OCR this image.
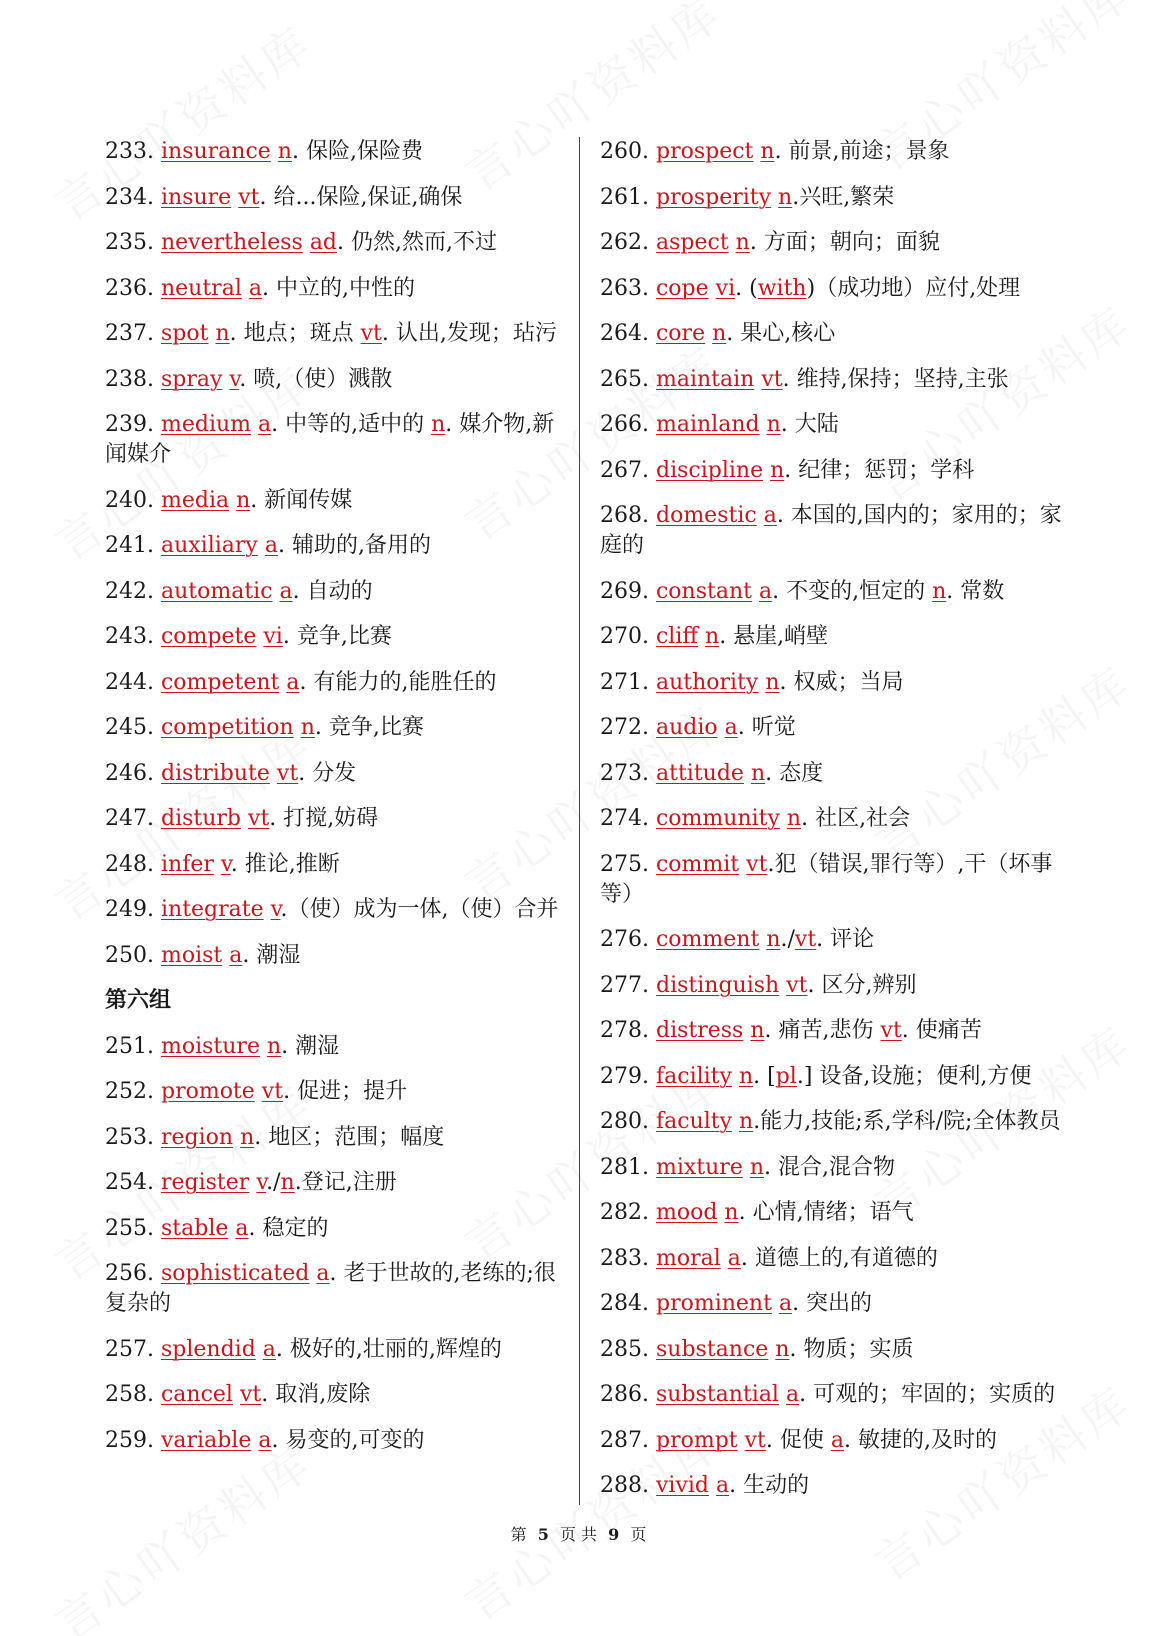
233. insurance n. 保险,保险费
234. insure vt. 给...保险,保证,确保
235. nevertheless ad. 仍然,然而,不过
236. neutral a. 中立的,中性的
237. spot n. 地点；斑点 vt. 认出,发现；玷污
238. spray v. 喷,（使）溅散
239. medium a. 中等的,适中的 n. 媒介物,新闻媒介
240. media n. 新闻传媒
241. auxiliary a. 辅助的,备用的
242. automatic a. 自动的
243. compete vi. 竞争,比赛
244. competent a. 有能力的,能胜任的
245. competition n. 竞争,比赛
246. distribute vt. 分发
247. disturb vt. 打搅,妨碍
248. infer v. 推论,推断
249. integrate v.（使）成为一体,（使）合并
250. moist a. 潮湿
第六组
251. moisture n. 潮湿
252. promote vt. 促进；提升
253. region n. 地区；范围；幅度
254. register v./n.登记,注册
255. stable a. 稳定的
256. sophisticated a. 老于世故的,老练的;很复杂的
257. splendid a. 极好的,壮丽的,辉煌的
258. cancel vt. 取消,废除
259. variable a. 易变的,可变的
260. prospect n. 前景,前途；景象
261. prosperity n.兴旺,繁荣
262. aspect n. 方面；朝向；面貌
263. cope vi. (with)（成功地）应付,处理
264. core n. 果心,核心
265. maintain vt. 维持,保持；坚持,主张
266. mainland n. 大陆
267. discipline n. 纪律；惩罚；学科
268. domestic a. 本国的,国内的；家用的；家庭的
269. constant a. 不变的,恒定的 n. 常数
270. cliff n. 悬崖,峭壁
271. authority n. 权威；当局
272. audio a. 听觉
273. attitude n. 态度
274. community n. 社区,社会
275. commit vt.犯（错误,罪行等）,干（坏事等）
276. comment n./vt. 评论
277. distinguish vt. 区分,辨别
278. distress n. 痛苦,悲伤 vt. 使痛苦
279. facility n. [pl.] 设备,设施；便利,方便
280. faculty n.能力,技能;系,学科/院;全体教员
281. mixture n. 混合,混合物
282. mood n. 心情,情绪；语气
283. moral a. 道德上的,有道德的
284. prominent a. 突出的
285. substance n. 物质；实质
286. substantial a. 可观的；牢固的；实质的
287. prompt vt. 促使 a. 敏捷的,及时的
288. vivid a. 生动的
第 5 页 共 9 页
